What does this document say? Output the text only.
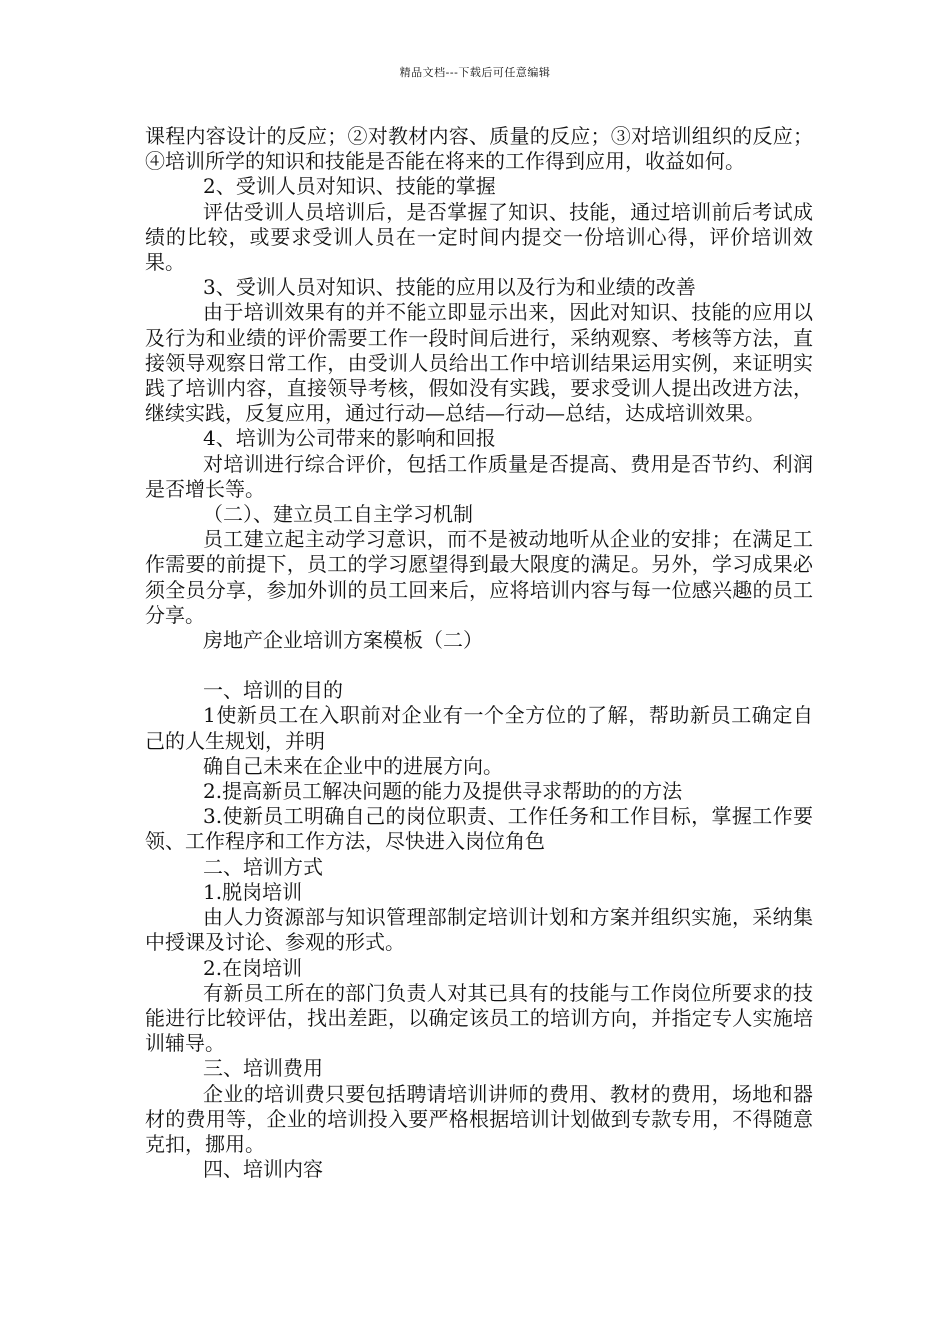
精品文档---下载后可任意编辑

课程内容设计的反应；②对教材内容、质量的反应；③对培训组织的反应；④培训所学的知识和技能是否能在将来的工作得到应用，收益如何。

2、受训人员对知识、技能的掌握

评估受训人员培训后，是否掌握了知识、技能，通过培训前后考试成绩的比较，或要求受训人员在一定时间内提交一份培训心得，评价培训效果。

3、受训人员对知识、技能的应用以及行为和业绩的改善

由于培训效果有的并不能立即显示出来，因此对知识、技能的应用以及行为和业绩的评价需要工作一段时间后进行，采纳观察、考核等方法，直接领导观察日常工作，由受训人员给出工作中培训结果运用实例，来证明实践了培训内容，直接领导考核，假如没有实践，要求受训人提出改进方法，继续实践，反复应用，通过行动—总结—行动—总结，达成培训效果。

4、培训为公司带来的影响和回报

对培训进行综合评价，包括工作质量是否提高、费用是否节约、利润是否增长等。

（二）、建立员工自主学习机制

员工建立起主动学习意识，而不是被动地听从企业的安排；在满足工作需要的前提下，员工的学习愿望得到最大限度的满足。另外，学习成果必须全员分享，参加外训的员工回来后，应将培训内容与每一位感兴趣的员工分享。

房地产企业培训方案模板（二）

一、培训的目的

1使新员工在入职前对企业有一个全方位的了解，帮助新员工确定自己的人生规划，并明

确自己未来在企业中的进展方向。

2.提高新员工解决问题的能力及提供寻求帮助的的方法

3.使新员工明确自己的岗位职责、工作任务和工作目标，掌握工作要领、工作程序和工作方法，尽快进入岗位角色

二、培训方式

1.脱岗培训

由人力资源部与知识管理部制定培训计划和方案并组织实施，采纳集中授课及讨论、参观的形式。

2.在岗培训

有新员工所在的部门负责人对其已具有的技能与工作岗位所要求的技能进行比较评估，找出差距，以确定该员工的培训方向，并指定专人实施培训辅导。

三、培训费用

企业的培训费只要包括聘请培训讲师的费用、教材的费用，场地和器材的费用等，企业的培训投入要严格根据培训计划做到专款专用，不得随意克扣，挪用。

四、培训内容
